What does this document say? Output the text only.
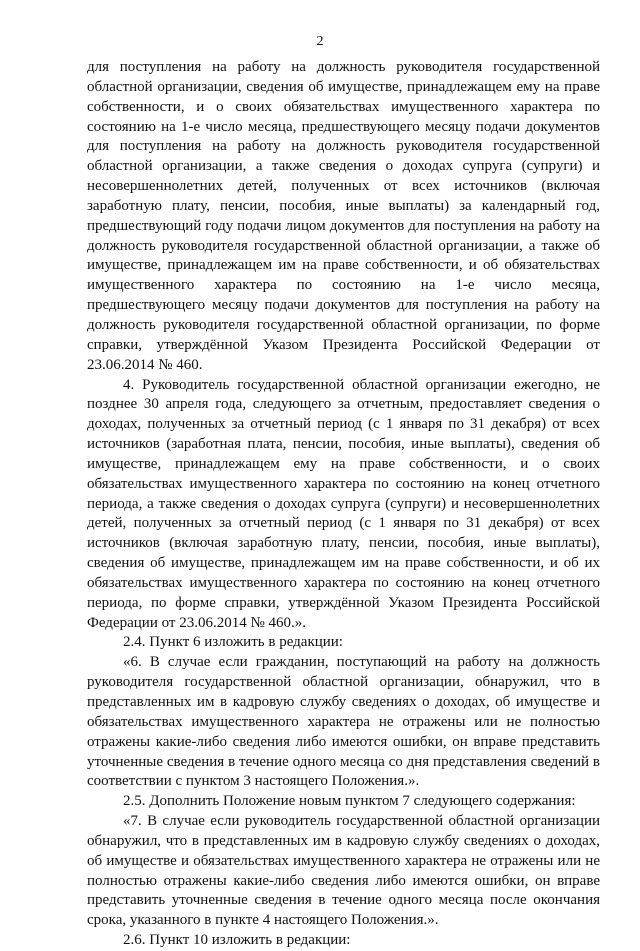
2

для поступления на работу на должность руководителя государственной областной организации, сведения об имуществе, принадлежащем ему на праве собственности, и о своих обязательствах имущественного характера по состоянию на 1-е число месяца, предшествующего месяцу подачи документов для поступления на работу на должность руководителя государственной областной организации, а также сведения о доходах супруга (супруги) и несовершеннолетних детей, полученных от всех источников (включая заработную плату, пенсии, пособия, иные выплаты) за календарный год, предшествующий году подачи лицом документов для поступления на работу на должность руководителя государственной областной организации, а также об имуществе, принадлежащем им на праве собственности, и об обязательствах имущественного характера по состоянию на 1-е число месяца, предшествующего месяцу подачи документов для поступления на работу на должность руководителя государственной областной организации, по форме справки, утверждённой Указом Президента Российской Федерации от 23.06.2014 № 460.

4. Руководитель государственной областной организации ежегодно, не позднее 30 апреля года, следующего за отчетным, предоставляет сведения о доходах, полученных за отчетный период (с 1 января по 31 декабря) от всех источников (заработная плата, пенсии, пособия, иные выплаты), сведения об имуществе, принадлежащем ему на праве собственности, и о своих обязательствах имущественного характера по состоянию на конец отчетного периода, а также сведения о доходах супруга (супруги) и несовершеннолетних детей, полученных за отчетный период (с 1 января по 31 декабря) от всех источников (включая заработную плату, пенсии, пособия, иные выплаты), сведения об имуществе, принадлежащем им на праве собственности, и об их обязательствах имущественного характера по состоянию на конец отчетного периода, по форме справки, утверждённой Указом Президента Российской Федерации от 23.06.2014 № 460.».

2.4. Пункт 6 изложить в редакции:

«6. В случае если гражданин, поступающий на работу на должность руководителя государственной областной организации, обнаружил, что в представленных им в кадровую службу сведениях о доходах, об имуществе и обязательствах имущественного характера не отражены или не полностью отражены какие-либо сведения либо имеются ошибки, он вправе представить уточненные сведения в течение одного месяца со дня представления сведений в соответствии с пунктом 3 настоящего Положения.».

2.5. Дополнить Положение новым пунктом 7 следующего содержания:

«7. В случае если руководитель государственной областной организации обнаружил, что в представленных им в кадровую службу сведениях о доходах, об имуществе и обязательствах имущественного характера не отражены или не полностью отражены какие-либо сведения либо имеются ошибки, он вправе представить уточненные сведения в течение одного месяца после окончания срока, указанного в пункте 4 настоящего Положения.».

2.6. Пункт 10 изложить в редакции:
